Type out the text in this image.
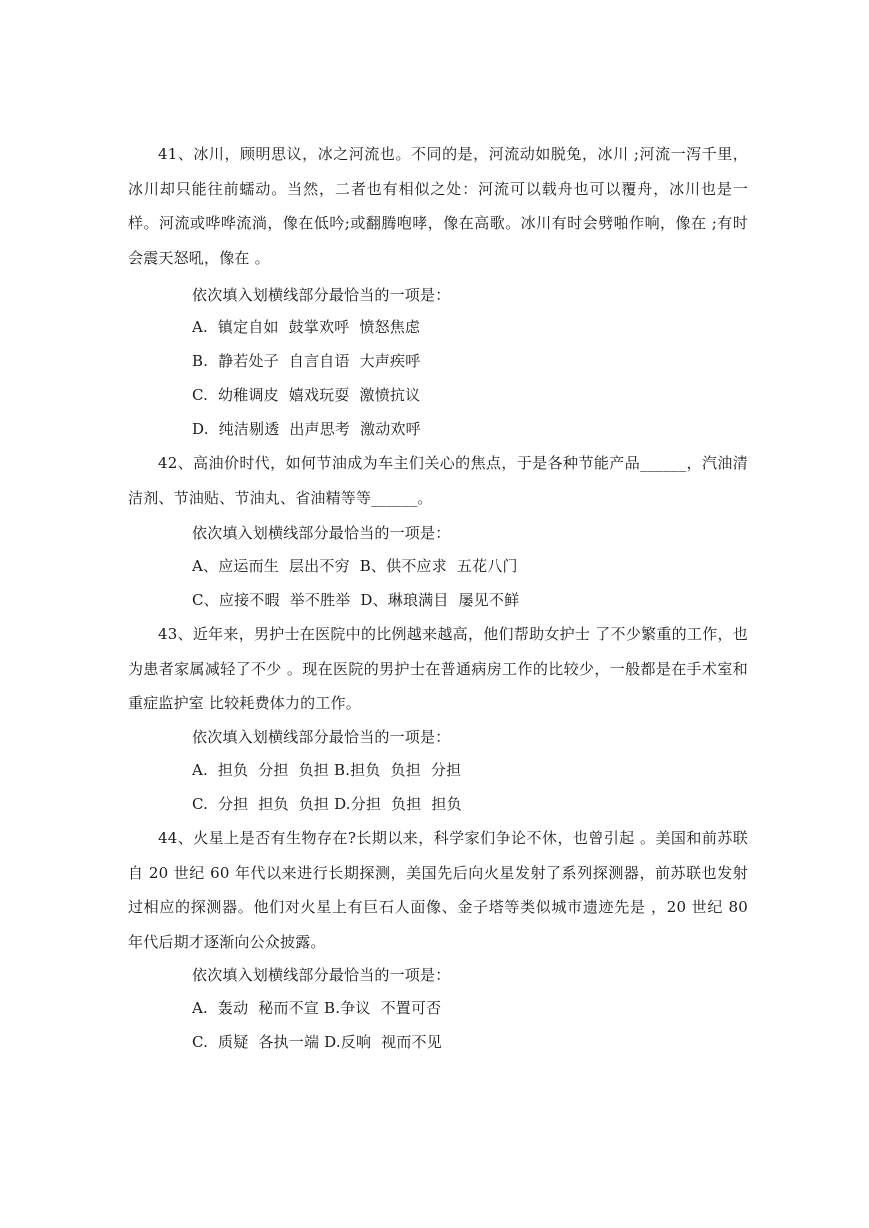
41、冰川，顾明思议，冰之河流也。不同的是，河流动如脱兔，冰川 ;河流一泻千里，冰川却只能往前蠕动。当然，二者也有相似之处：河流可以载舟也可以覆舟，冰川也是一样。河流或哗哗流淌，像在低吟;或翻腾咆哮，像在高歌。冰川有时会劈啪作响，像在 ;有时会震天怒吼，像在 。

依次填入划横线部分最恰当的一项是：
A.  镇定自如  鼓掌欢呼  愤怒焦虑
B.  静若处子  自言自语  大声疾呼
C.  幼稚调皮  嬉戏玩耍  激愤抗议
D.  纯洁剔透  出声思考  激动欢呼

42、高油价时代，如何节油成为车主们关心的焦点，于是各种节能产品______，汽油清洁剂、节油贴、节油丸、省油精等等______。

依次填入划横线部分最恰当的一项是：
A、应运而生  层出不穷  B、供不应求  五花八门
C、应接不暇  举不胜举  D、琳琅满目  屡见不鲜

43、近年来，男护士在医院中的比例越来越高，他们帮助女护士 了不少繁重的工作，也为患者家属减轻了不少 。现在医院的男护士在普通病房工作的比较少，一般都是在手术室和重症监护室 比较耗费体力的工作。

依次填入划横线部分最恰当的一项是：
A.  担负  分担  负担 B.担负  负担  分担
C.  分担  担负  负担 D.分担  负担  担负

44、火星上是否有生物存在?长期以来，科学家们争论不休，也曾引起 。美国和前苏联自 20 世纪 60 年代以来进行长期探测，美国先后向火星发射了系列探测器，前苏联也发射过相应的探测器。他们对火星上有巨石人面像、金子塔等类似城市遗迹先是 ，20 世纪 80 年代后期才逐渐向公众披露。

依次填入划横线部分最恰当的一项是：
A.  轰动  秘而不宣 B.争议  不置可否
C.  质疑  各执一端 D.反响  视而不见
